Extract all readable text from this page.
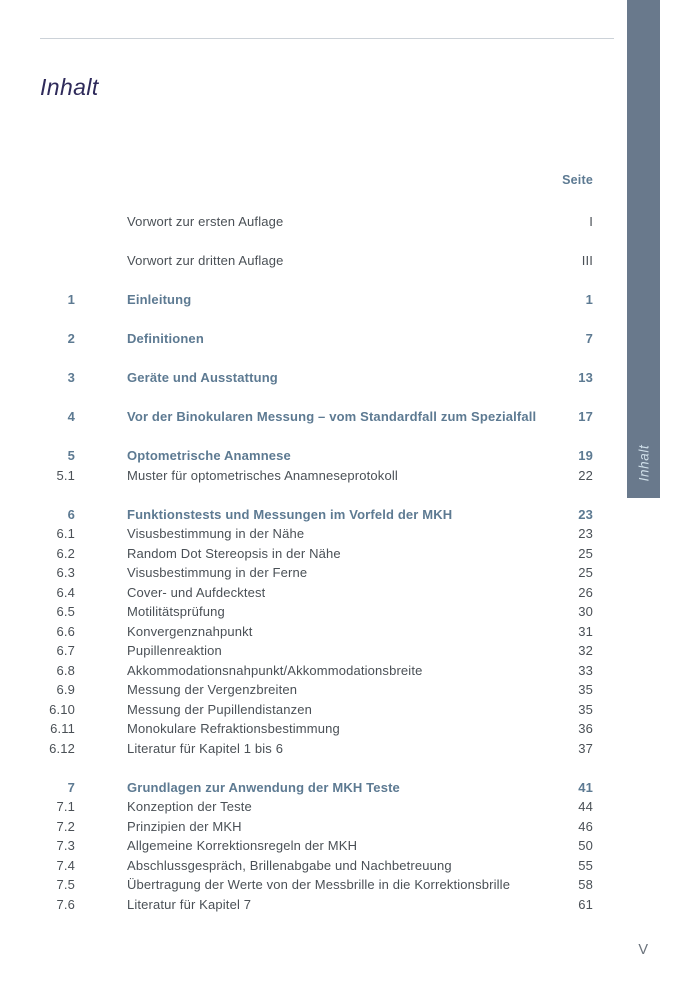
Inhalt
Seite
Vorwort zur ersten Auflage	I
Vorwort zur dritten Auflage	III
1	Einleitung	1
2	Definitionen	7
3	Geräte und Ausstattung	13
4	Vor der Binokularen Messung – vom Standardfall zum Spezialfall	17
5	Optometrische Anamnese	19
5.1	Muster für optometrisches Anamneseprotokoll	22
6	Funktionstests und Messungen im Vorfeld der MKH	23
6.1	Visusbestimmung in der Nähe	23
6.2	Random Dot Stereopsis in der Nähe	25
6.3	Visusbestimmung in der Ferne	25
6.4	Cover- und Aufdecktest	26
6.5	Motilitätsprüfung	30
6.6	Konvergenznahpunkt	31
6.7	Pupillenreaktion	32
6.8	Akkommodationsnahpunkt/Akkommodationsbreite	33
6.9	Messung der Vergenzbreiten	35
6.10	Messung der Pupillendistanzen	35
6.11	Monokulare Refraktionsbestimmung	36
6.12	Literatur für Kapitel 1 bis 6	37
7	Grundlagen zur Anwendung der MKH Teste	41
7.1	Konzeption der Teste	44
7.2	Prinzipien der MKH	46
7.3	Allgemeine Korrektionsregeln der MKH	50
7.4	Abschlussgespräch, Brillenabgabe und Nachbetreuung	55
7.5	Übertragung der Werte von der Messbrille in die Korrektionsbrille	58
7.6	Literatur für Kapitel 7	61
Inhalt
V
